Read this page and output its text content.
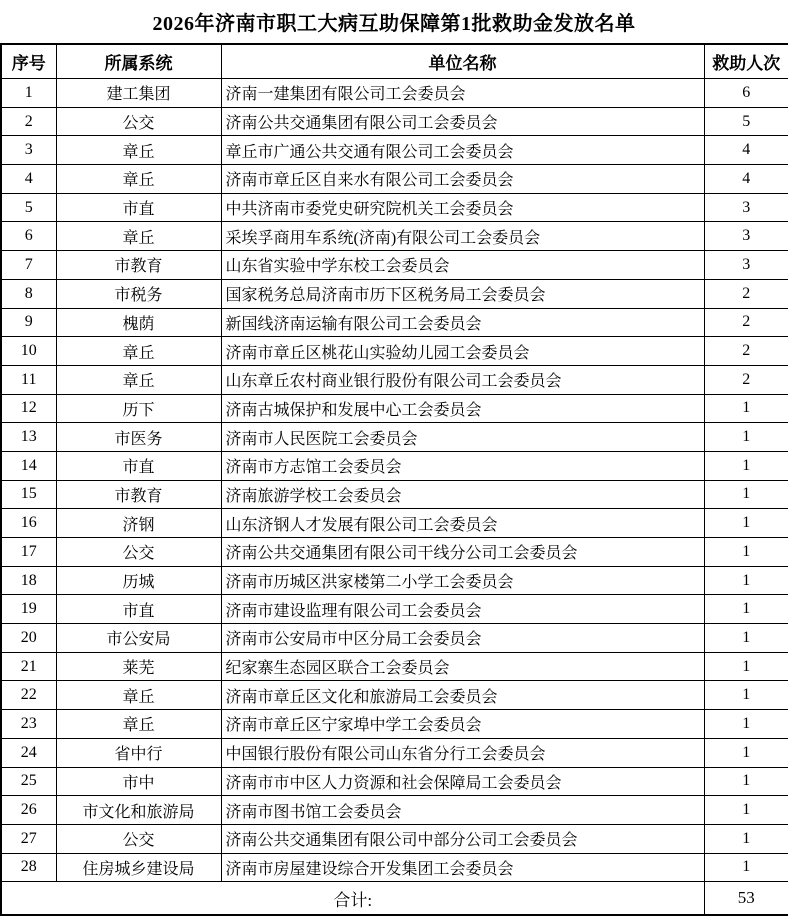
2026年济南市职工大病互助保障第1批救助金发放名单
序号	所属系统	单位名称	救助人次
1	建工集团	济南一建集团有限公司工会委员会	6
2	公交	济南公共交通集团有限公司工会委员会	5
3	章丘	章丘市广通公共交通有限公司工会委员会	4
4	章丘	济南市章丘区自来水有限公司工会委员会	4
5	市直	中共济南市委党史研究院机关工会委员会	3
6	章丘	采埃孚商用车系统(济南)有限公司工会委员会	3
7	市教育	山东省实验中学东校工会委员会	3
8	市税务	国家税务总局济南市历下区税务局工会委员会	2
9	槐荫	新国线济南运输有限公司工会委员会	2
10	章丘	济南市章丘区桃花山实验幼儿园工会委员会	2
11	章丘	山东章丘农村商业银行股份有限公司工会委员会	2
12	历下	济南古城保护和发展中心工会委员会	1
13	市医务	济南市人民医院工会委员会	1
14	市直	济南市方志馆工会委员会	1
15	市教育	济南旅游学校工会委员会	1
16	济钢	山东济钢人才发展有限公司工会委员会	1
17	公交	济南公共交通集团有限公司干线分公司工会委员会	1
18	历城	济南市历城区洪家楼第二小学工会委员会	1
19	市直	济南市建设监理有限公司工会委员会	1
20	市公安局	济南市公安局市中区分局工会委员会	1
21	莱芜	纪家寨生态园区联合工会委员会	1
22	章丘	济南市章丘区文化和旅游局工会委员会	1
23	章丘	济南市章丘区宁家埠中学工会委员会	1
24	省中行	中国银行股份有限公司山东省分行工会委员会	1
25	市中	济南市市中区人力资源和社会保障局工会委员会	1
26	市文化和旅游局	济南市图书馆工会委员会	1
27	公交	济南公共交通集团有限公司中部分公司工会委员会	1
28	住房城乡建设局	济南市房屋建设综合开发集团工会委员会	1
合计:			53
